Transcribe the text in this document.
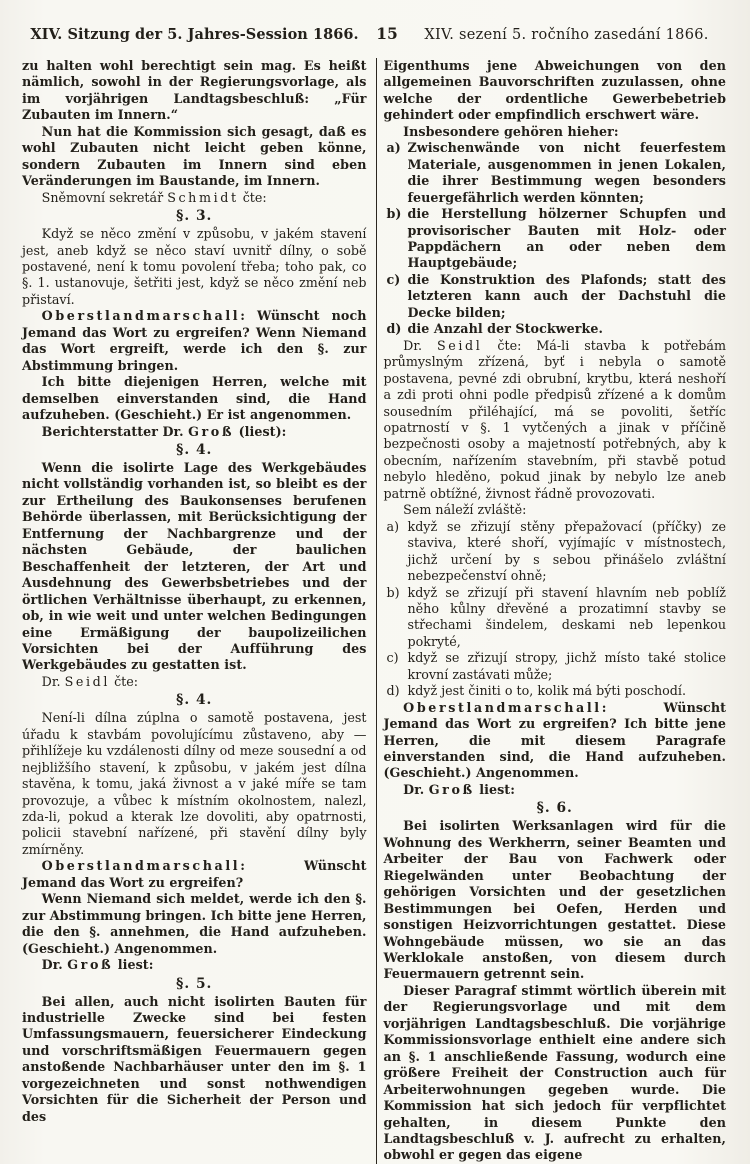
XIV. Sitzung der 5. Jahres-Session 1866.	15	XIV. sezení 5. ročního zasedání 1866.

zu halten wohl berechtigt sein mag. Es heißt nämlich, sowohl in der Regierungsvorlage, als im vorjährigen Landtagsbeschluß: „Für Zubauten im Innern.“

Nun hat die Kommission sich gesagt, daß es wohl Zubauten nicht leicht geben könne, sondern Zubauten im Innern sind eben Veränderungen im Baustande, im Innern.

Sněmovní sekretář Schmidt čte:

§. 3.

Když se něco změní v způsobu, v jakém stavení jest, aneb když se něco staví uvnitř dílny, o sobě postavené, není k tomu povolení třeba; toho pak, co §. 1. ustanovuje, šetřiti jest, když se něco změní neb přistaví.

Oberstlandmarschall: Wünscht noch Jemand das Wort zu ergreifen? Wenn Niemand das Wort ergreift, werde ich den §. zur Abstimmung bringen.

Ich bitte diejenigen Herren, welche mit demselben einverstanden sind, die Hand aufzuheben. (Geschieht.) Er ist angenommen.

Berichterstatter Dr. Groß (liest):

§. 4.

Wenn die isolirte Lage des Werkgebäudes nicht vollständig vorhanden ist, so bleibt es der zur Ertheilung des Baukonsenses berufenen Behörde überlassen, mit Berücksichtigung der Entfernung der Nachbargrenze und der nächsten Gebäude, der baulichen Beschaffenheit der letzteren, der Art und Ausdehnung des Gewerbsbetriebes und der örtlichen Verhältnisse überhaupt, zu erkennen, ob, in wie weit und unter welchen Bedingungen eine Ermäßigung der baupolizeilichen Vorsichten bei der Aufführung des Werkgebäudes zu gestatten ist.

Dr. Seidl čte:

§. 4.

Není-li dílna zúplna o samotě postavena, jest úřadu k stavbám povolujícímu zůstaveno, aby — přihlížeje ku vzdálenosti dílny od meze sousední a od nejbližšího stavení, k způsobu, v jakém jest dílna stavěna, k tomu, jaká živnost a v jaké míře se tam provozuje, a vůbec k místním okolnostem, nalezl, zda-li, pokud a kterak lze dovoliti, aby opatrnosti, policii stavební nařízené, při stavění dílny byly zmírněny.

Oberstlandmarschall: Wünscht Jemand das Wort zu ergreifen?

Wenn Niemand sich meldet, werde ich den §. zur Abstimmung bringen. Ich bitte jene Herren, die den §. annehmen, die Hand aufzuheben. (Geschieht.) Angenommen.

Dr. Groß liest:

§. 5.

Bei allen, auch nicht isolirten Bauten für industrielle Zwecke sind bei festen Umfassungsmauern, feuersicherer Eindeckung und vorschriftsmäßigen Feuermauern gegen anstoßende Nachbarhäuser unter den im §. 1 vorgezeichneten und sonst nothwendigen Vorsichten für die Sicherheit der Person und des

Eigenthums jene Abweichungen von den allgemeinen Bauvorschriften zuzulassen, ohne welche der ordentliche Gewerbebetrieb gehindert oder empfindlich erschwert wäre.

Insbesondere gehören hieher:

a) Zwischenwände von nicht feuerfestem Materiale, ausgenommen in jenen Lokalen, die ihrer Bestimmung wegen besonders feuergefährlich werden könnten;
b) die Herstellung hölzerner Schupfen und provisorischer Bauten mit Holz- oder Pappdächern an oder neben dem Hauptgebäude;
c) die Konstruktion des Plafonds; statt des letzteren kann auch der Dachstuhl die Decke bilden;
d) die Anzahl der Stockwerke.

Dr. Seidl čte: Má-li stavba k potřebám průmyslným zřízená, byť i nebyla o samotě postavena, pevné zdi obrubní, krytbu, která neshoří a zdi proti ohni podle předpisů zřízené a k domům sousedním přiléhající, má se povoliti, šetříc opatrností v §. 1 vytčených a jinak v příčině bezpečnosti osoby a majetností potřebných, aby k obecním, nařízením stavebním, při stavbě potud nebylo hleděno, pokud jinak by nebylo lze aneb patrně obtížné, živnost řádně provozovati.

Sem náleží zvláště:

a) když se zřizují stěny přepažovací (příčky) ze staviva, které shoří, vyjímajíc v místnostech, jichž určení by s sebou přinášelo zvláštní nebezpečenství ohně;
b) když se zřizují při stavení hlavním neb poblíž něho kůlny dřevěné a prozatimní stavby se střechami šindelem, deskami neb lepenkou pokryté,
c) když se zřizují stropy, jichž místo také stolice krovní zastávati může;
d) když jest činiti o to, kolik má býti poschodí.

Oberstlandmarschall: Wünscht Jemand das Wort zu ergreifen? Ich bitte jene Herren, die mit diesem Paragrafe einverstanden sind, die Hand aufzuheben. (Geschieht.) Angenommen.

Dr. Groß liest:

§. 6.

Bei isolirten Werksanlagen wird für die Wohnung des Werkherrn, seiner Beamten und Arbeiter der Bau von Fachwerk oder Riegelwänden unter Beobachtung der gehörigen Vorsichten und der gesetzlichen Bestimmungen bei Oefen, Herden und sonstigen Heizvorrichtungen gestattet. Diese Wohngebäude müssen, wo sie an das Werklokale anstoßen, von diesem durch Feuermauern getrennt sein.

Dieser Paragraf stimmt wörtlich überein mit der Regierungsvorlage und mit dem vorjährigen Landtagsbeschluß. Die vorjährige Kommissionsvorlage enthielt eine andere sich an §. 1 anschließende Fassung, wodurch eine größere Freiheit der Construction auch für Arbeiterwohnungen gegeben wurde. Die Kommission hat sich jedoch für verpflichtet gehalten, in diesem Punkte den Landtagsbeschluß v. J. aufrecht zu erhalten, obwohl er gegen das eigene
